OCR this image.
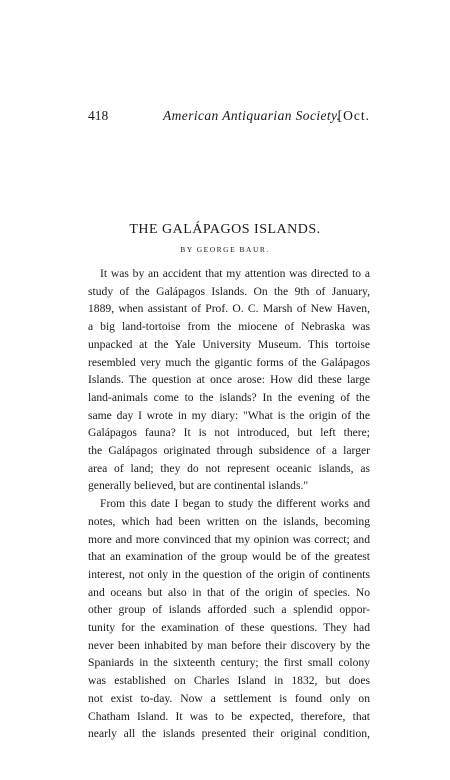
418	American Antiquarian Society.
[Oct.
THE GALÁPAGOS ISLANDS.
BY GEORGE BAUR.

It was by an accident that my attention was directed to a
study of the Galápagos Islands. On the 9th of January,
1889, when assistant of Prof. O. C. Marsh of New Haven,
a big land-tortoise from the miocene of Nebraska was
unpacked at the Yale University Museum. This tortoise
resembled very much the gigantic forms of the Galápagos
Islands. The question at once arose: How did these large
land-animals come to the islands? In the evening of the
same day I wrote in my diary: "What is the origin of the
Galápagos fauna? It is not introduced, but left there;
the Galápagos originated through subsidence of a larger
area of land; they do not represent oceanic islands, as
generally believed, but are continental islands."

From this date I began to study the different works and
notes, which had been written on the islands, becoming
more and more convinced that my opinion was correct; and
that an examination of the group would be of the greatest
interest, not only in the question of the origin of continents
and oceans but also in that of the origin of species. No
other group of islands afforded such a splendid oppor-
tunity for the examination of these questions. They had
never been inhabited by man before their discovery by the
Spaniards in the sixteenth century; the first small colony
was established on Charles Island in 1832, but does
not exist to-day. Now a settlement is found only on
Chatham Island. It was to be expected, therefore, that
nearly all the islands presented their original condition,
